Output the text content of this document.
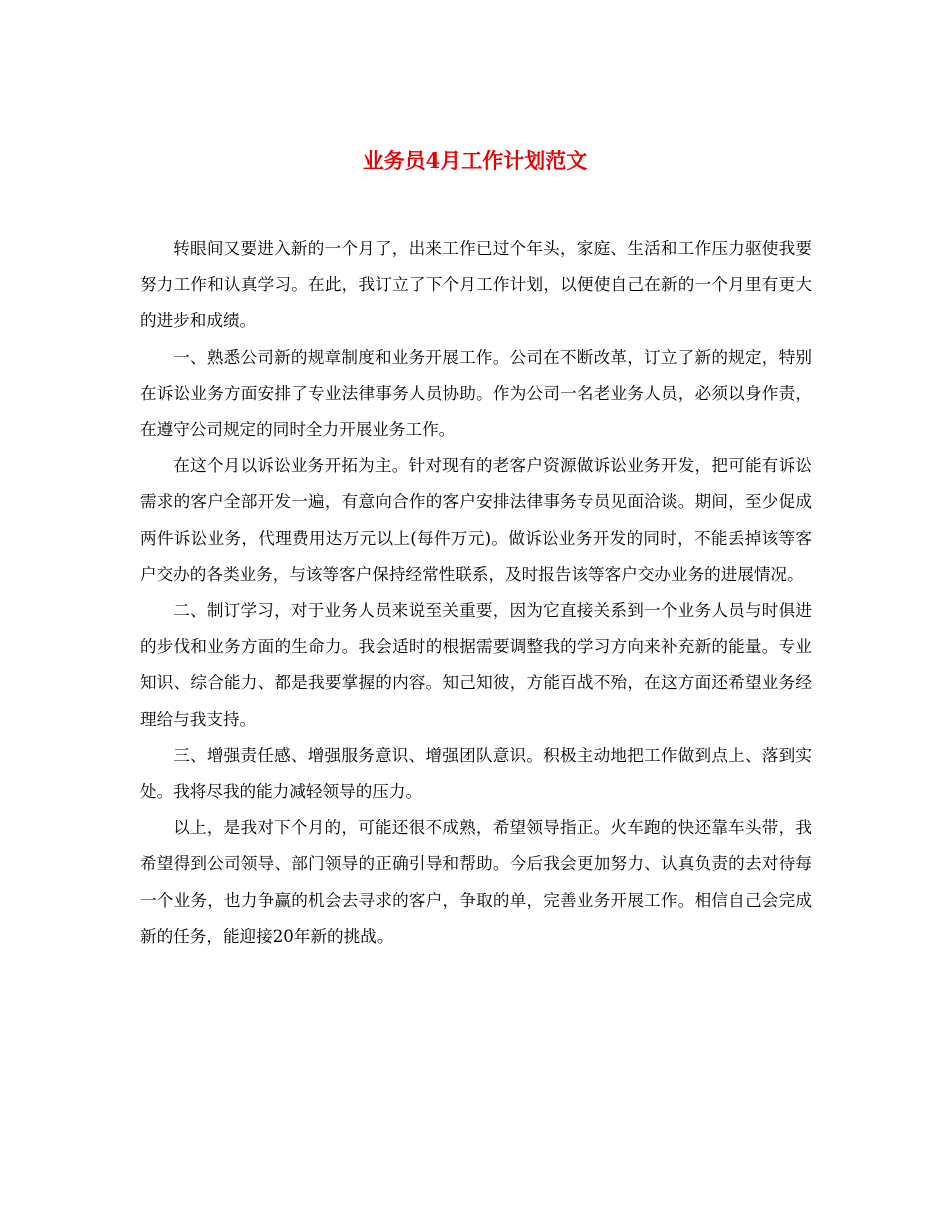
业务员4月工作计划范文

转眼间又要进入新的一个月了，出来工作已过个年头，家庭、生活和工作压力驱使我要努力工作和认真学习。在此，我订立了下个月工作计划，以便使自己在新的一个月里有更大的进步和成绩。

一、熟悉公司新的规章制度和业务开展工作。公司在不断改革，订立了新的规定，特别在诉讼业务方面安排了专业法律事务人员协助。作为公司一名老业务人员，必须以身作责，在遵守公司规定的同时全力开展业务工作。

在这个月以诉讼业务开拓为主。针对现有的老客户资源做诉讼业务开发，把可能有诉讼需求的客户全部开发一遍，有意向合作的客户安排法律事务专员见面洽谈。期间，至少促成两件诉讼业务，代理费用达万元以上(每件万元)。做诉讼业务开发的同时，不能丢掉该等客户交办的各类业务，与该等客户保持经常性联系，及时报告该等客户交办业务的进展情况。

二、制订学习，对于业务人员来说至关重要，因为它直接关系到一个业务人员与时俱进的步伐和业务方面的生命力。我会适时的根据需要调整我的学习方向来补充新的能量。专业知识、综合能力、都是我要掌握的内容。知己知彼，方能百战不殆，在这方面还希望业务经理给与我支持。

三、增强责任感、增强服务意识、增强团队意识。积极主动地把工作做到点上、落到实处。我将尽我的能力减轻领导的压力。

以上，是我对下个月的，可能还很不成熟，希望领导指正。火车跑的快还靠车头带，我希望得到公司领导、部门领导的正确引导和帮助。今后我会更加努力、认真负责的去对待每一个业务，也力争赢的机会去寻求的客户，争取的单，完善业务开展工作。相信自己会完成新的任务，能迎接20年新的挑战。
